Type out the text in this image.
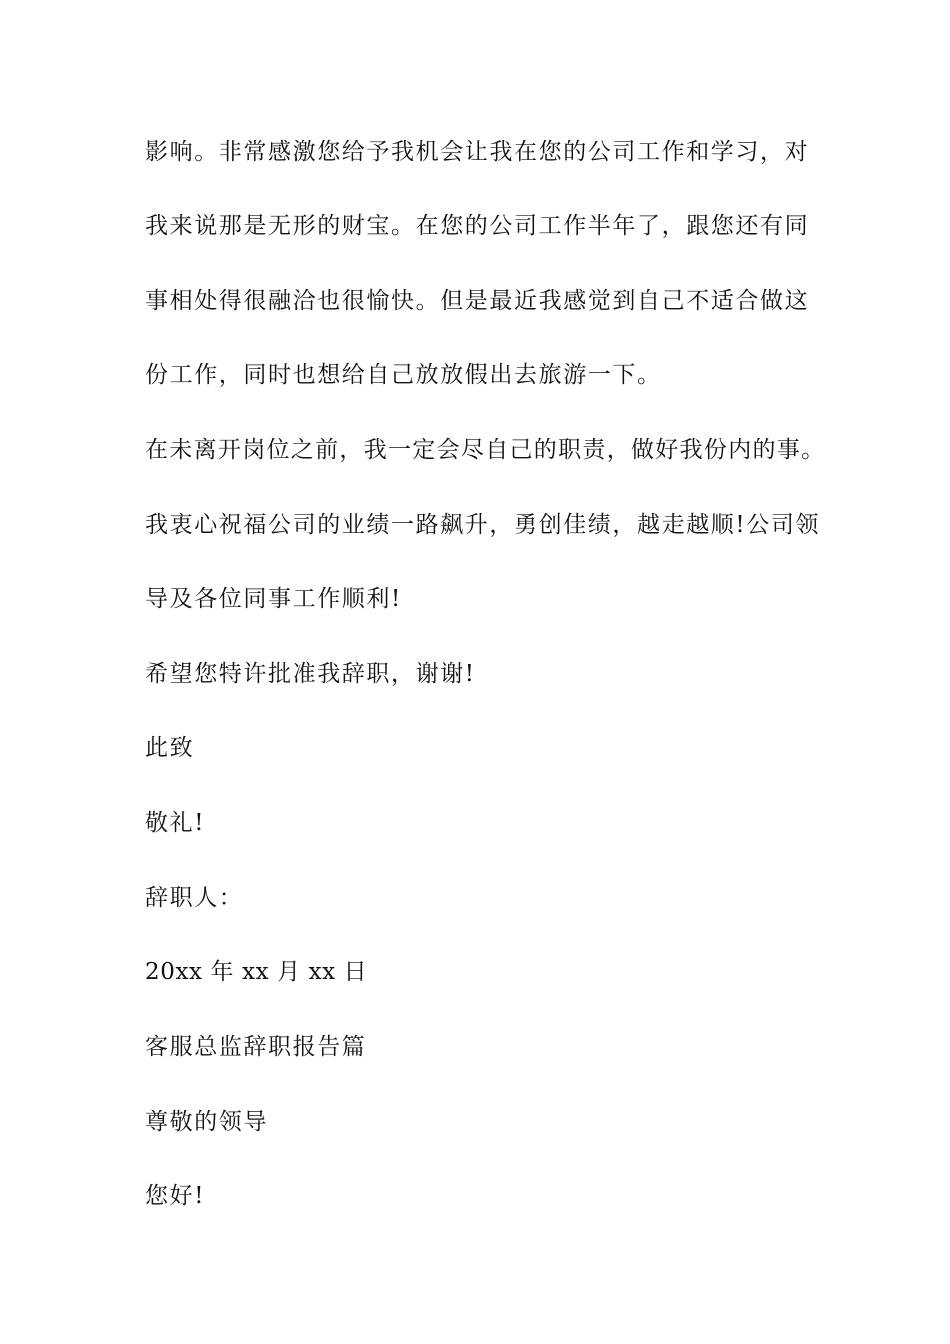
影响。非常感激您给予我机会让我在您的公司工作和学习，对

我来说那是无形的财宝。在您的公司工作半年了，跟您还有同

事相处得很融洽也很愉快。但是最近我感觉到自己不适合做这

份工作，同时也想给自己放放假出去旅游一下。

在未离开岗位之前，我一定会尽自己的职责，做好我份内的事。

我衷心祝福公司的业绩一路飙升，勇创佳绩，越走越顺!公司领

导及各位同事工作顺利!

希望您特许批准我辞职，谢谢!

此致

敬礼!

辞职人：

20xx 年 xx 月 xx 日

客服总监辞职报告篇

尊敬的领导

您好!
